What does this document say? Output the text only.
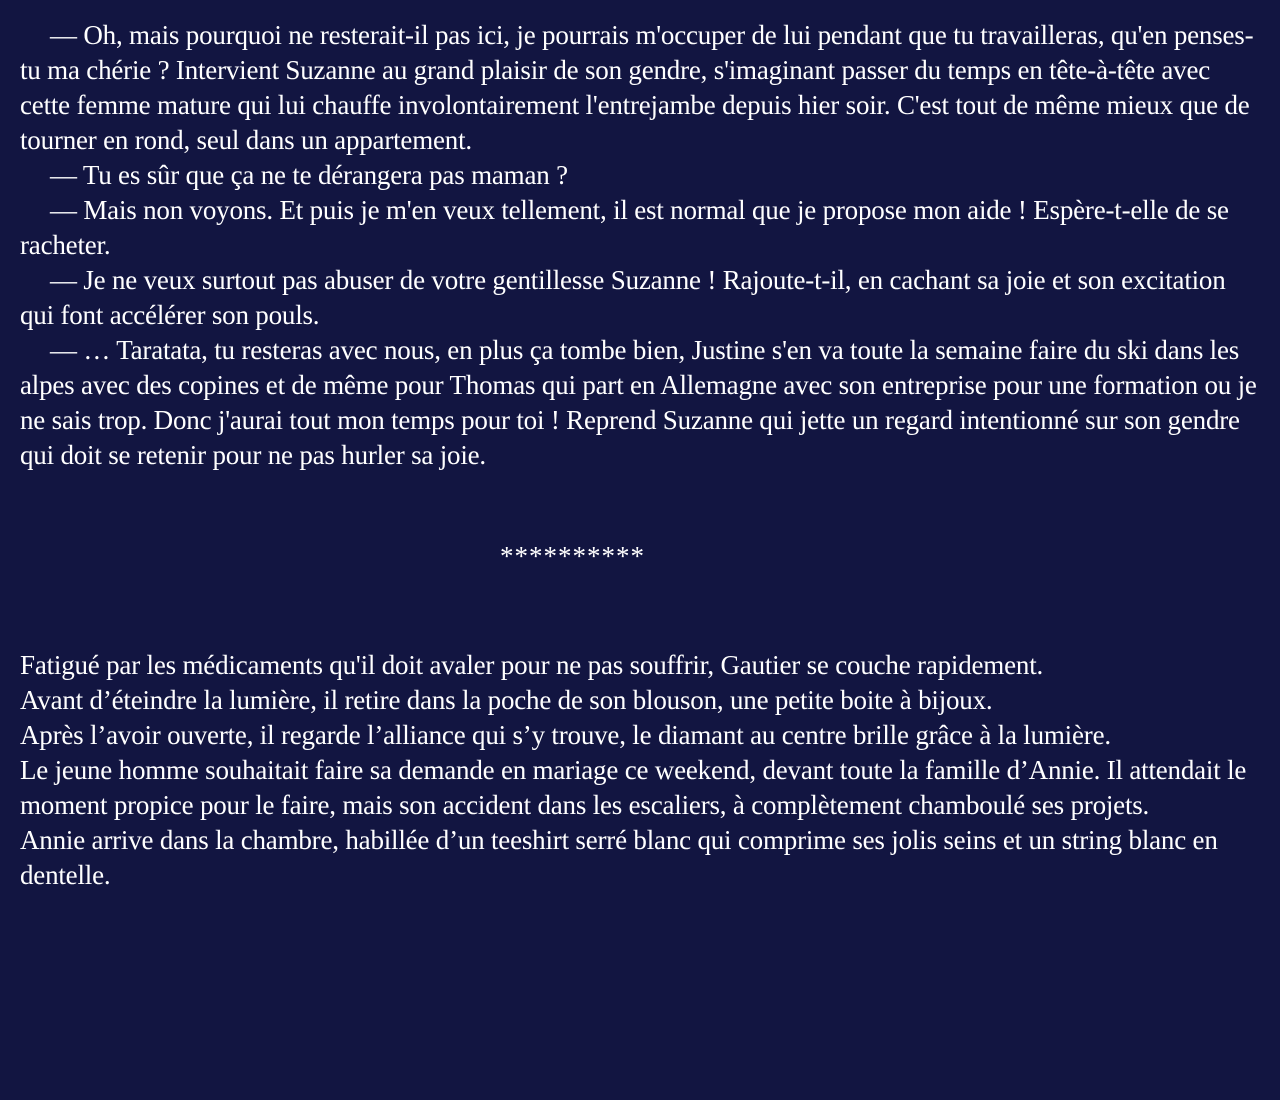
— Oh, mais pourquoi ne resterait-il pas ici, je pourrais m'occuper de lui pendant que tu travailleras, qu'en penses-tu ma chérie ? Intervient Suzanne au grand plaisir de son gendre, s'imaginant passer du temps en tête-à-tête avec cette femme mature qui lui chauffe involontairement l'entrejambe depuis hier soir. C'est tout de même mieux que de tourner en rond, seul dans un appartement.

— Tu es sûr que ça ne te dérangera pas maman ?

— Mais non voyons. Et puis je m'en veux tellement, il est normal que je propose mon aide ! Espère-t-elle de se racheter.

— Je ne veux surtout pas abuser de votre gentillesse Suzanne ! Rajoute-t-il, en cachant sa joie et son excitation qui font accélérer son pouls.

— … Taratata, tu resteras avec nous, en plus ça tombe bien, Justine s'en va toute la semaine faire du ski dans les alpes avec des copines et de même pour Thomas qui part en Allemagne avec son entreprise pour une formation ou je ne sais trop. Donc j'aurai tout mon temps pour toi ! Reprend Suzanne qui jette un regard intentionné sur son gendre qui doit se retenir pour ne pas hurler sa joie.

**********

Fatigué par les médicaments qu'il doit avaler pour ne pas souffrir, Gautier se couche rapidement.

Avant d’éteindre la lumière, il retire dans la poche de son blouson, une petite boite à bijoux.

Après l’avoir ouverte, il regarde l’alliance qui s’y trouve, le diamant au centre brille grâce à la lumière.

Le jeune homme souhaitait faire sa demande en mariage ce weekend, devant toute la famille d’Annie. Il attendait le moment propice pour le faire, mais son accident dans les escaliers, à complètement chamboulé ses projets.

Annie arrive dans la chambre, habillée d’un teeshirt serré blanc qui comprime ses jolis seins et un string blanc en dentelle.
